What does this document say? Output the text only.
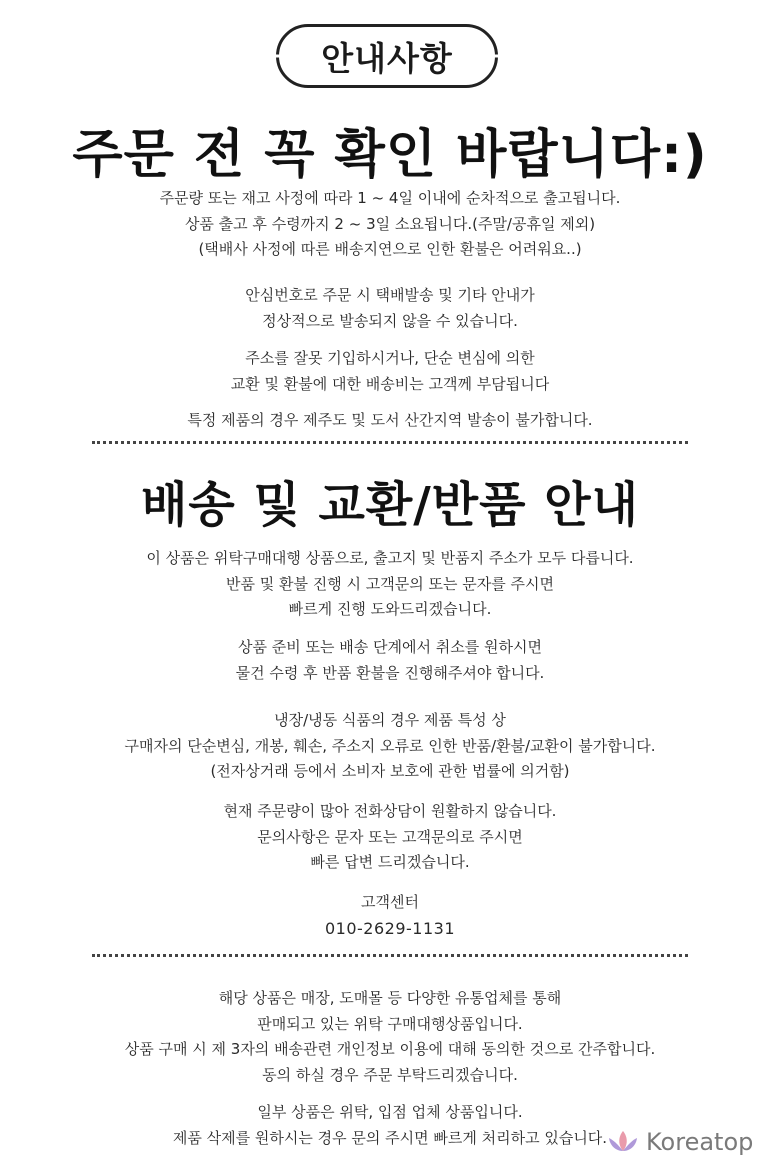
안내사항
주문 전 꼭 확인 바랍니다:)
주문량 또는 재고 사정에 따라 1 ~ 4일 이내에 순차적으로 출고됩니다.
상품 출고 후 수령까지 2 ~ 3일 소요됩니다.(주말/공휴일 제외)
(택배사 사정에 따른 배송지연으로 인한 환불은 어려워요..)
안심번호로 주문 시 택배발송 및 기타 안내가
정상적으로 발송되지 않을 수 있습니다.
주소를 잘못 기입하시거나, 단순 변심에 의한
교환 및 환불에 대한 배송비는 고객께 부담됩니다
특정 제품의 경우 제주도 및 도서 산간지역 발송이 불가합니다.
배송 및 교환/반품 안내
이 상품은 위탁구매대행 상품으로, 출고지 및 반품지 주소가 모두 다릅니다.
반품 및 환불 진행 시 고객문의 또는 문자를 주시면
빠르게 진행 도와드리겠습니다.
상품 준비 또는 배송 단계에서 취소를 원하시면
물건 수령 후 반품 환불을 진행해주셔야 합니다.
냉장/냉동 식품의 경우 제품 특성 상
구매자의 단순변심, 개봉, 훼손, 주소지 오류로 인한 반품/환불/교환이 불가합니다.
(전자상거래 등에서 소비자 보호에 관한 법률에 의거함)
현재 주문량이 많아 전화상담이 원활하지 않습니다.
문의사항은 문자 또는 고객문의로 주시면
빠른 답변 드리겠습니다.
고객센터
010-2629-1131
해당 상품은 매장, 도매몰 등 다양한 유통업체를 통해
판매되고 있는 위탁 구매대행상품입니다.
상품 구매 시 제 3자의 배송관련 개인정보 이용에 대해 동의한 것으로 간주합니다.
동의 하실 경우 주문 부탁드리겠습니다.
일부 상품은 위탁, 입점 업체 상품입니다.
제품 삭제를 원하시는 경우 문의 주시면 빠르게 처리하고 있습니다.	Koreatop
